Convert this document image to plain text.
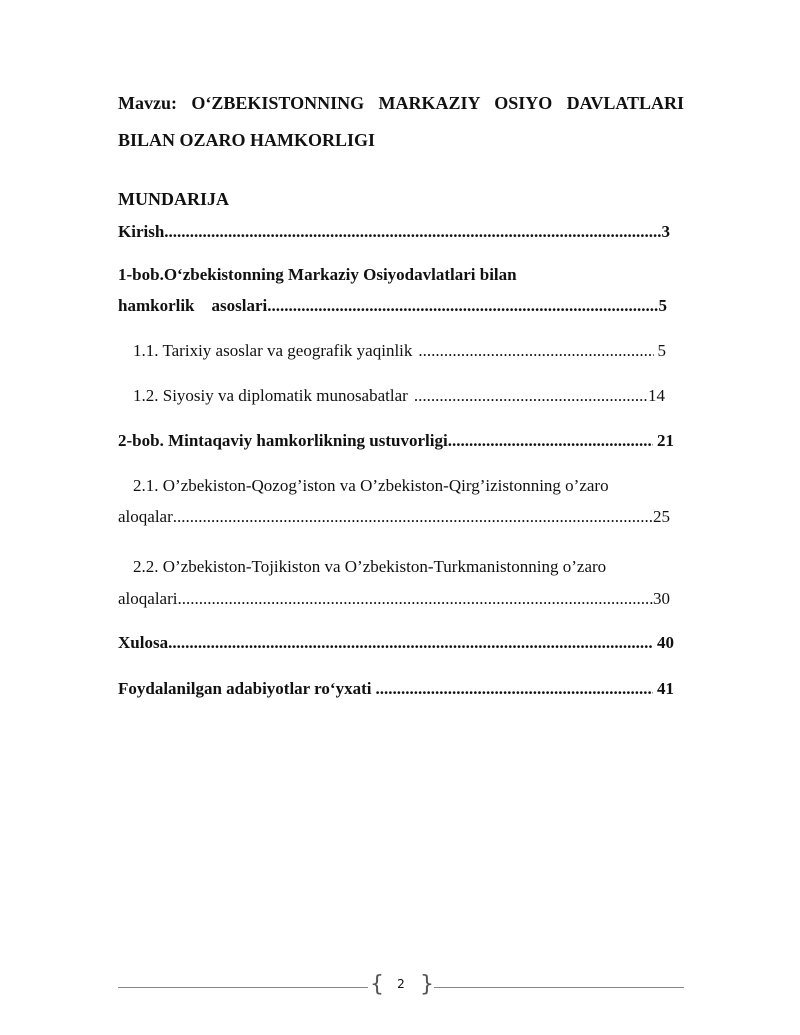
Mavzu: O‘ZBEKISTONNING MARKAZIY OSIYO DAVLATLARI
BILAN OZARO HAMKORLIGI
MUNDARIJA
Kirish .....	3
1-bob.O‘zbekistonning Markaziy Osiyodavlatlari bilan
hamkorlik    asoslari .....	5
1.1. Tarixiy asoslar va geografik yaqinlik .....	5
1.2. Siyosiy va diplomatik munosabatlar .....	14
2-bob. Mintaqaviy hamkorlikning ustuvorligi .....	21
2.1. O’zbekiston-Qozog’iston va O’zbekiston-Qirg’izistonning o’zaro
aloqalar .....	25
2.2. O’zbekiston-Tojikiston va O’zbekiston-Turkmanistonning o’zaro
aloqalari .....	30
Xulosa .....	40
Foydalanilgan adabiyotlar ro‘yxati .....	41
{	2 }
